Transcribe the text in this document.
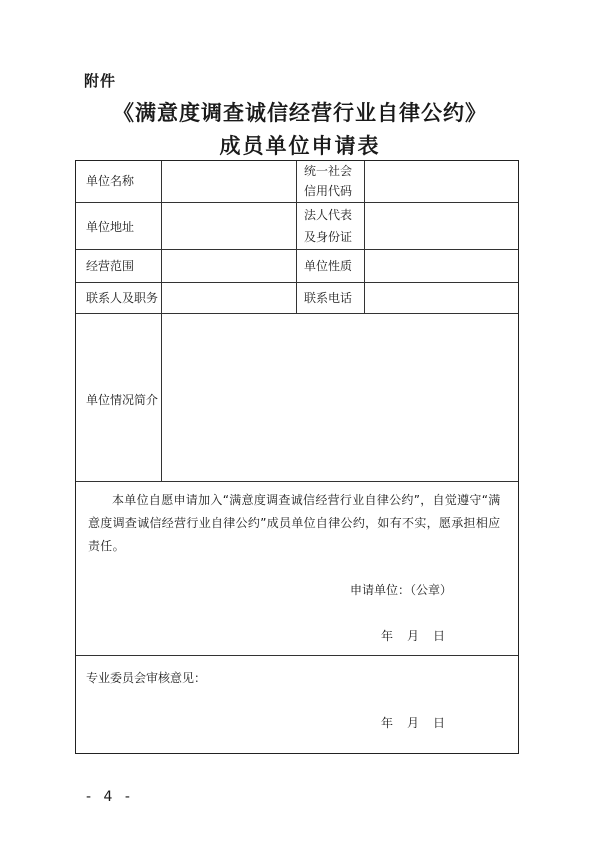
附件
《满意度调查诚信经营行业自律公约》
成员单位申请表
单位名称
统一社会
信用代码
单位地址
法人代表
及身份证
经营范围	单位性质
联系人及职务	联系电话
单位情况简介
本单位自愿申请加入“满意度调查诚信经营行业自律公约”，自觉遵守“满意度调查诚信经营行业自律公约”成员单位自律公约，如有不实，愿承担相应责任。
申请单位：（公章）
年　月　日
专业委员会审核意见：
年　月　日
- 4 -
